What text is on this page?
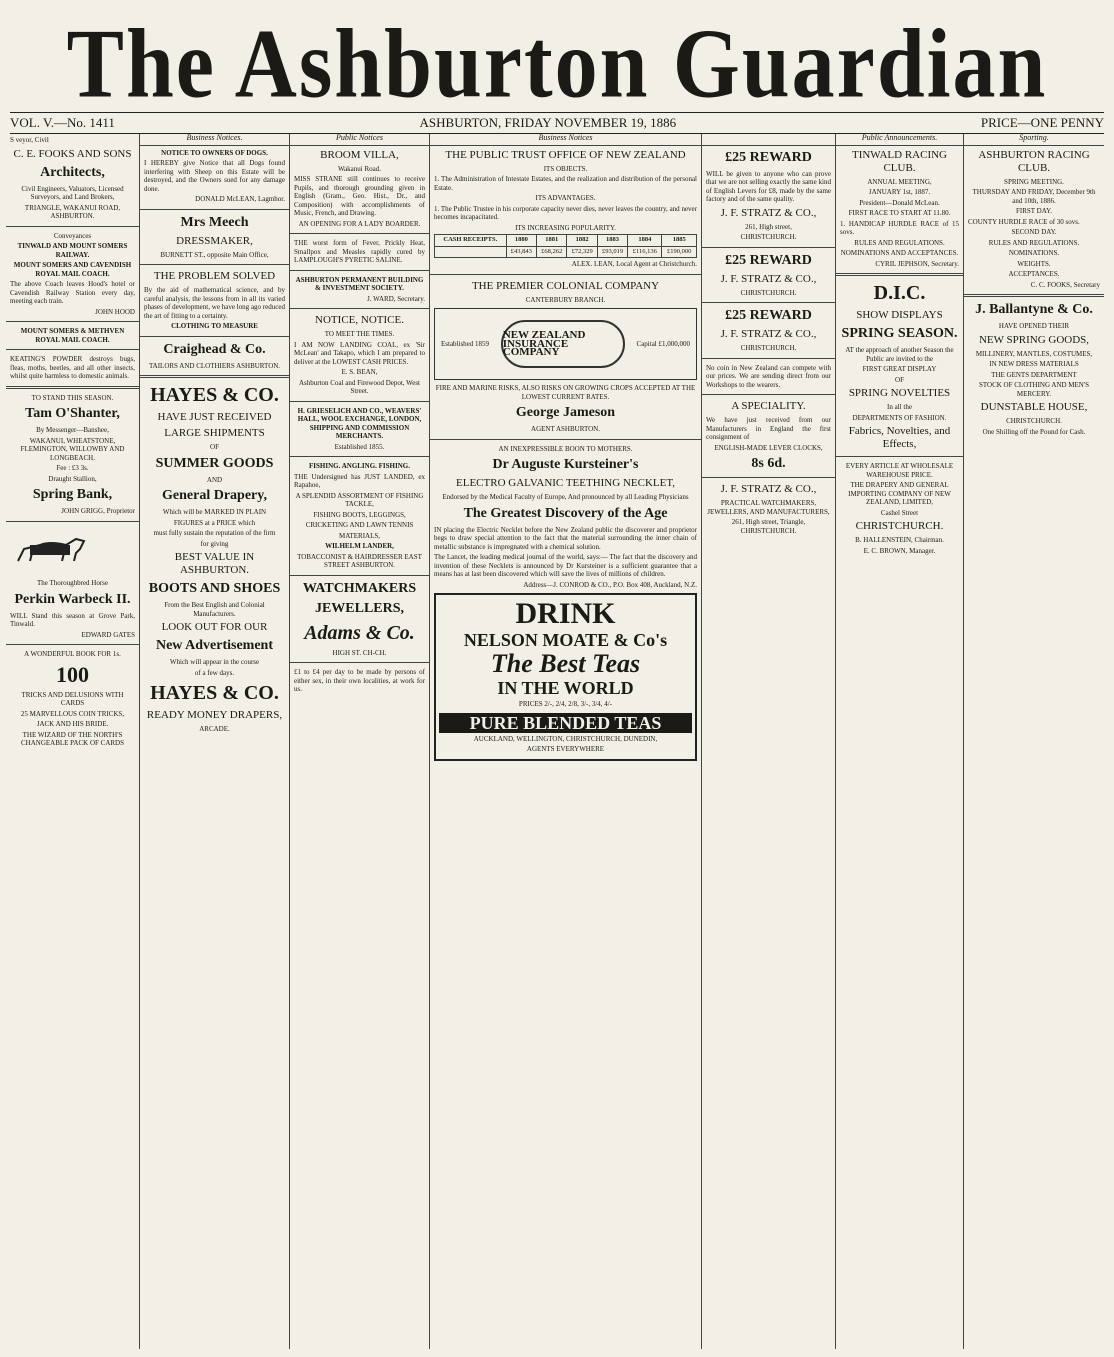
The Ashburton Guardian
VOL. V.—No. 1411	ASHBURTON, FRIDAY NOVEMBER 19, 1886	PRICE—ONE PENNY
S veyor, Civil
C. E. FOOKS AND SONS
Architects,
Civil Engineers, Valuators, Licensed Surveyors, and Land Brokers,
TRIANGLE, WAKANUI ROAD, ASHBURTON.
Conveyances
TINWALD AND MOUNT SOMERS RAILWAY.
MOUNT SOMERS AND CAVENDISH ROYAL MAIL COACH.
The above Coach leaves Hood's hotel or Cavendish Railway Station every day, meeting each train.
JOHN HOOD
MOUNT SOMERS & METHVEN ROYAL MAIL COACH.
KEATING'S POWDER destroys bugs, fleas, moths, beetles, and all other insects, whilst quite harmless to domestic animals.
TO STAND THIS SEASON.
Tam O'Shanter,
By Messenger—Banshee,
WAKANUI, WHEATSTONE, FLEMINGTON, WILLOWBY AND LONGBEACH.
Fee : £3 3s.
Draught Stallion,
Spring Bank,
JOHN GRIGG, Proprietor
The Thoroughbred Horse
Perkin Warbeck II.
WILL Stand this season at Grove Park, Tinwald.
EDWARD GATES
A WONDERFUL BOOK FOR 1s.
100
TRICKS AND DELUSIONS WITH CARDS
25 MARVELLOUS COIN TRICKS,
JACK AND HIS BRIDE.
THE WIZARD OF THE NORTH'S CHANGEABLE PACK OF CARDS
Business Notices.
NOTICE TO OWNERS OF DOGS.
I HEREBY give Notice that all Dogs found interfering with Sheep on this Estate will be destroyed, and the Owners sued for any damage done.
DONALD McLEAN, Lagmhor.
Mrs Meech
DRESSMAKER,
BURNETT ST., opposite Main Office,
THE PROBLEM SOLVED
By the aid of mathematical science, and by careful analysis, the lessons from in all its varied phases of development, we have long ago reduced the art of fitting to a certainty.
CLOTHING TO MEASURE
Craighead & Co.
TAILORS AND CLOTHIERS ASHBURTON.
HAYES & CO.
HAVE JUST RECEIVED
LARGE SHIPMENTS
OF
SUMMER GOODS
AND
General Drapery,
Which will be MARKED IN PLAIN
FIGURES at a PRICE which
must fully sustain the reputation of the firm
for giving
BEST VALUE IN ASHBURTON.
BOOTS AND SHOES
From the Best English and Colonial Manufacturers.
LOOK OUT FOR OUR
New Advertisement
Which will appear in the course
of a few days.
HAYES & CO.
READY MONEY DRAPERS,
ARCADE.
Public Notices
BROOM VILLA,
Wakanui Road.
MISS STRANE still continues to receive Pupils, and thorough grounding given in English (Gram., Geo. Hist., Dr., and Composition) with accomplishments of Music, French, and Drawing.
AN OPENING FOR A LADY BOARDER.
THE worst form of Fever, Prickly Heat, Smallpox and Measles rapidly cured by LAMPLOUGH'S PYRETIC SALINE.
ASHBURTON PERMANENT BUILDING & INVESTMENT SOCIETY.
J. WARD, Secretary.
NOTICE, NOTICE.
TO MEET THE TIMES.
I AM NOW LANDING COAL, ex 'Sir McLean' and Takapo, which I am prepared to deliver at the LOWEST CASH PRICES.
E. S. BEAN,
Ashburton Coal and Firewood Depot, West Street.
H. GRIESELICH AND CO., WEAVERS' HALL, WOOL EXCHANGE, LONDON, SHIPPING AND COMMISSION MERCHANTS.
Established 1855.
FISHING. ANGLING. FISHING.
THE Undersigned has JUST LANDED, ex Rapahoe,
A SPLENDID ASSORTMENT OF FISHING TACKLE,
FISHING BOOTS, LEGGINGS,
CRICKETING AND LAWN TENNIS
MATERIALS,
WILHELM LANDER,
TOBACCONIST & HAIRDRESSER EAST STREET ASHBURTON.
WATCHMAKERS
JEWELLERS,
Adams & Co.
HIGH ST. CH-CH.
£1 to £4 per day to be made by persons of either sex, in their own localities, at work for us.
Business Notices
THE PUBLIC TRUST OFFICE OF NEW ZEALAND
ITS OBJECTS.
1. The Administration of Intestate Estates, and the realization and distribution of the personal Estate.
ITS ADVANTAGES.
1. The Public Trustee in his corporate capacity never dies, never leaves the country, and never becomes incapacitated.
ITS INCREASING POPULARITY.
CASH RECEIPTS.	1880	1881	1882	1883	1884	1885
	£43,843	£68,262	£72,329	£93,019	£116,136	£190,000
ALEX. LEAN, Local Agent at Christchurch.
THE PREMIER COLONIAL COMPANY
CANTERBURY BRANCH.
Established 1859
NEW ZEALAND INSURANCE COMPANY
Capital £1,000,000
FIRE AND MARINE RISKS, ALSO RISKS ON GROWING CROPS ACCEPTED AT THE LOWEST CURRENT RATES.
George Jameson
AGENT ASHBURTON.
AN INEXPRESSIBLE BOON TO MOTHERS.
Dr Auguste Kursteiner's
ELECTRO GALVANIC TEETHING NECKLET,
Endorsed by the Medical Faculty of Europe, And pronounced by all Leading Physicians
The Greatest Discovery of the Age
IN placing the Electric Necklet before the New Zealand public the discoverer and proprietor begs to draw special attention to the fact that the material surrounding the inner chain of metallic substance is impregnated with a chemical solution.
The Lancet, the leading medical journal of the world, says:— The fact that the discovery and invention of these Necklets is announced by Dr Kursteiner is a sufficient guarantee that a means has at last been discovered which will save the lives of millions of children.
Address—J. CONROD & CO., P.O. Box 408, Auckland, N.Z.
DRINK
NELSON MOATE & Co's
The Best Teas
IN THE WORLD
PRICES 2/-, 2/4, 2/8, 3/-, 3/4, 4/-
PURE BLENDED TEAS
AUCKLAND, WELLINGTON, CHRISTCHURCH, DUNEDIN,
AGENTS EVERYWHERE

£25 REWARD
WILL be given to anyone who can prove that we are not selling exactly the same kind of English Levers for £8, made by the same factory and of the same quality.
J. F. STRATZ & CO.,
261, High street,
CHRISTCHURCH.
£25 REWARD
J. F. STRATZ & CO.,
CHRISTCHURCH.
£25 REWARD
J. F. STRATZ & CO.,
CHRISTCHURCH.
No coin in New Zealand can compete with our prices. We are sending direct from our Workshops to the wearers.
A SPECIALITY.
We have just received from our Manufacturers in England the first consignment of
ENGLISH-MADE LEVER CLOCKS,
8s 6d.
J. F. STRATZ & CO.,
PRACTICAL WATCHMAKERS, JEWELLERS, AND MANUFACTURERS,
261, High street, Triangle, CHRISTCHURCH.
Public Announcements.
TINWALD RACING CLUB.
ANNUAL MEETING,
JANUARY 1st, 1887.
President—Donald McLean.
FIRST RACE TO START AT 11.80.
1. HANDICAP HURDLE RACE of 15 sovs.
RULES AND REGULATIONS.
NOMINATIONS AND ACCEPTANCES.
CYRIL JEPHSON, Secretary.
D.I.C.
SHOW DISPLAYS
SPRING SEASON.
AT the approach of another Season the Public are invited to the
FIRST GREAT DISPLAY
OF
SPRING NOVELTIES
In all the
DEPARTMENTS OF FASHION.
Fabrics, Novelties, and Effects,
EVERY ARTICLE AT WHOLESALE WAREHOUSE PRICE.
THE DRAPERY AND GENERAL IMPORTING COMPANY OF NEW ZEALAND, LIMITED,
Cashel Street
CHRISTCHURCH.
B. HALLENSTEIN, Chairman.
E. C. BROWN, Manager.
Sporting.
ASHBURTON RACING CLUB.
SPRING MEETING.
THURSDAY AND FRIDAY, December 9th and 10th, 1886.
FIRST DAY.
COUNTY HURDLE RACE of 30 sovs.
SECOND DAY.
RULES AND REGULATIONS.
NOMINATIONS.
WEIGHTS.
ACCEPTANCES.
C. C. FOOKS, Secretary
J. Ballantyne & Co.
HAVE OPENED THEIR
NEW SPRING GOODS,
MILLINERY, MANTLES, COSTUMES,
IN NEW DRESS MATERIALS
THE GENTS DEPARTMENT
STOCK OF CLOTHING AND MEN'S MERCERY.
DUNSTABLE HOUSE,
CHRISTCHURCH.
One Shilling off the Pound for Cash.
